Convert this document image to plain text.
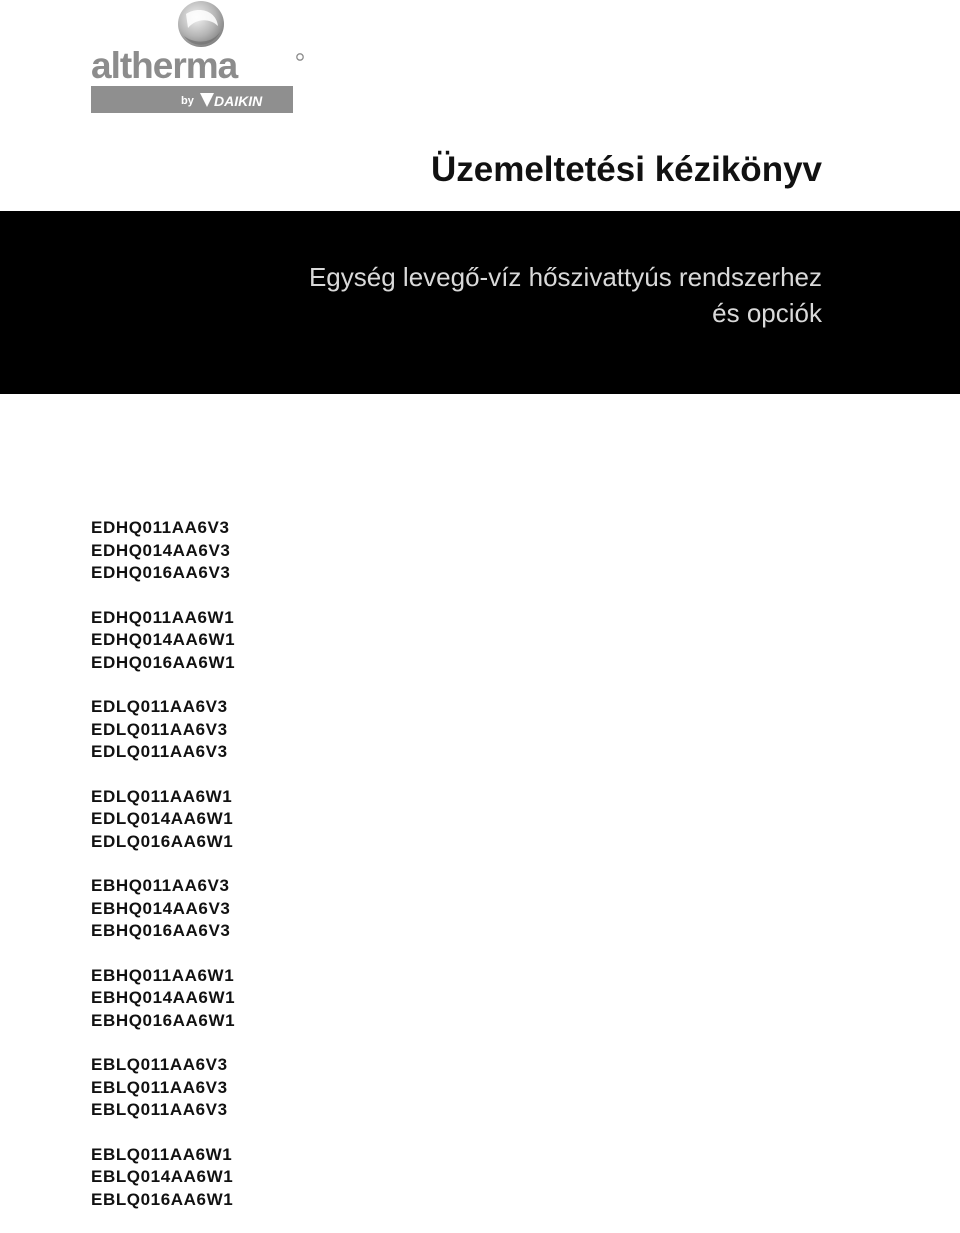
altherma
by DAIKIN
Üzemeltetési kézikönyv
Egység levegő-víz hőszivattyús rendszerhez
és opciók
EDHQ011AA6V3
EDHQ014AA6V3
EDHQ016AA6V3
EDHQ011AA6W1
EDHQ014AA6W1
EDHQ016AA6W1
EDLQ011AA6V3
EDLQ011AA6V3
EDLQ011AA6V3
EDLQ011AA6W1
EDLQ014AA6W1
EDLQ016AA6W1
EBHQ011AA6V3
EBHQ014AA6V3
EBHQ016AA6V3
EBHQ011AA6W1
EBHQ014AA6W1
EBHQ016AA6W1
EBLQ011AA6V3
EBLQ011AA6V3
EBLQ011AA6V3
EBLQ011AA6W1
EBLQ014AA6W1
EBLQ016AA6W1
